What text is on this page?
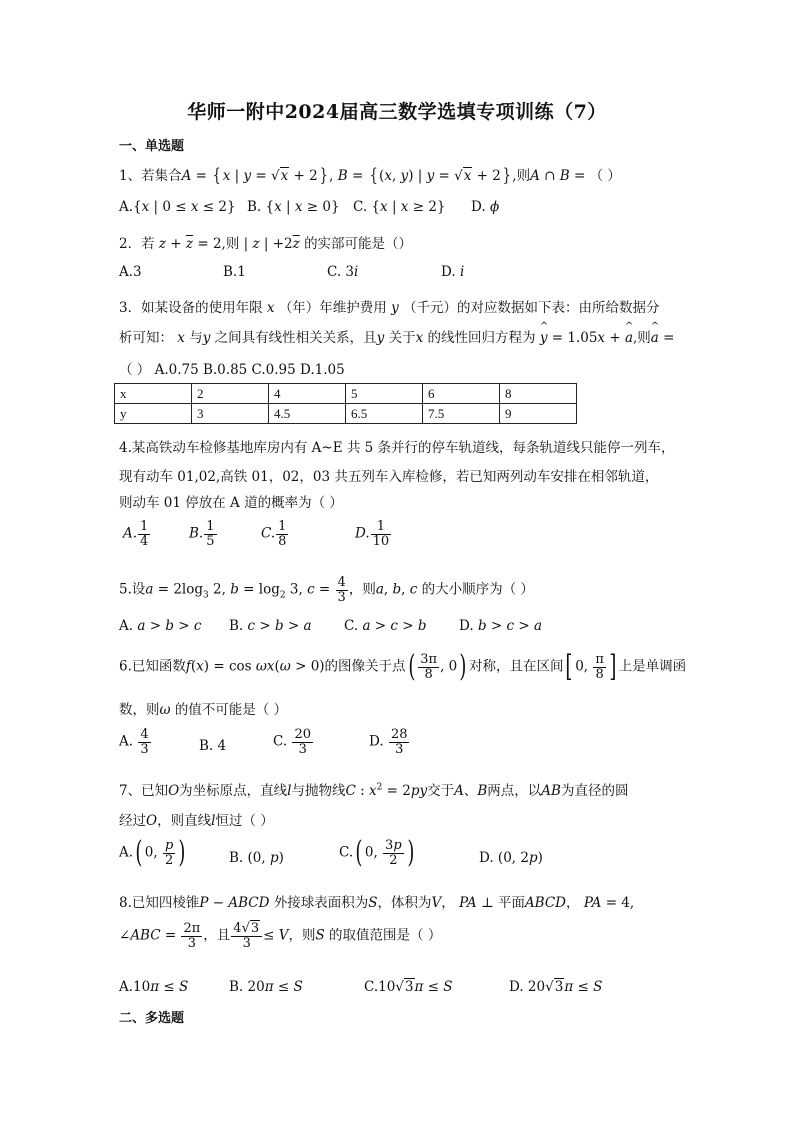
华师一附中2024届高三数学选填专项训练（7）
一、单选题
1、若集合A = { x | y = √x + 2} , B = { (x, y) | y = √x + 2} ,则A ∩ B = （ ）
A.{x | 0 ≤ x ≤ 2} B. {x | x ≥ 0} C. {x | x ≥ 2} D. ϕ
2．若 $z + \overline{z} = 2$,则 | z | $+2\overline{z}$ 的实部可能是（）
A.3	B.1	C. 3i	D. i
3．如某设备的使用年限 x （年）年维护费用 y （千元）的对应数据如下表：由所给数据分
析可知： x 与y 之间具有线性相关关系，且y 关于x 的线性回归方程为 ^ y = 1.05x + ^ a,则^ a =
（ ） A.0.75 B.0.85 C.0.95 D.1.05
x	2	4	5	6	8
y	3	4.5	6.5	7.5	9
4.某高铁动车检修基地库房内有 A~E 共 5 条并行的停车轨道线，每条轨道线只能停一列车，
现有动车 01,02,高铁 01，02，03 共五列车入库检修，若已知两列动车安排在相邻轨道，
则动车 01 停放在 A 道的概率为（ ）
A. $\frac{1}{4}$	B. $\frac{1}{5}$	C. $\frac{1}{8}$	D. $\frac{1}{10}$
5.设$a = 2\log_3$ 2, $b = \log_2 3$, $c = \frac{4}{3}$ ，则a, b, c 的大小顺序为（ ）
A. a > b > c B. c > b > a C. a > c > b D. b > c > a
6.已知函数f(x) = cos ωx(ω > 0)的图像关于点( $\frac{3\pi}{8}$ , 0) 对称，且在区间[ 0, $\frac{\pi}{8}$ ] 上是单调函
数，则ω 的值不可能是（ ）
A. $\frac{4}{3}$	B. 4	C. $\frac{20}{3}$	D. $\frac{28}{3}$
7、已知O为坐标原点，直线l与抛物线C : $x^2 = 2py$交于A、B两点，以AB为直径的圆
经过O，则直线l恒过（ ）
A.( 0, $\frac{p}{2}$ )	B. (0, p)	C.( 0, $\frac{3p}{2}$ )	D. (0, 2p)
8.已知四棱锥P − ABCD 外接球表面积为S，体积为V， PA ⊥ 平面ABCD， PA = 4,
∠ABC = $\frac{2\pi}{3}$ ，且 $\frac{4√3}{3} \le V$，则S 的取值范围是（ ）
A.10π ≤ S	B. 20π ≤ S	C.10√3π ≤ S	D. 20√3π ≤ S
二、多选题
